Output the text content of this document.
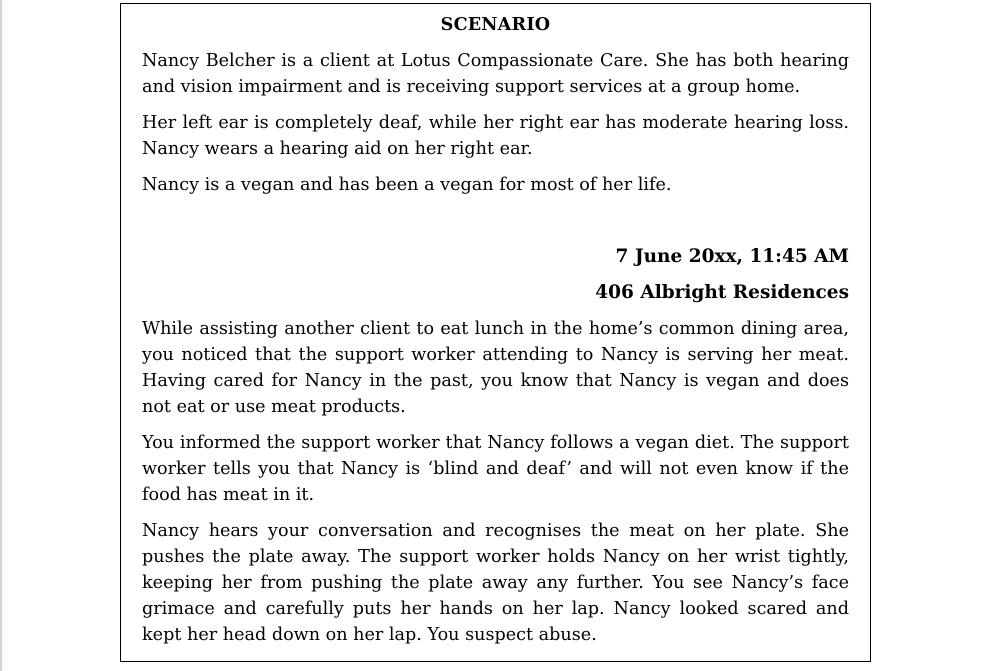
SCENARIO

Nancy Belcher is a client at Lotus Compassionate Care. She has both hearing and vision impairment and is receiving support services at a group home.

Her left ear is completely deaf, while her right ear has moderate hearing loss. Nancy wears a hearing aid on her right ear.

Nancy is a vegan and has been a vegan for most of her life.

7 June 20xx, 11:45 AM
406 Albright Residences

While assisting another client to eat lunch in the home’s common dining area, you noticed that the support worker attending to Nancy is serving her meat. Having cared for Nancy in the past, you know that Nancy is vegan and does not eat or use meat products.

You informed the support worker that Nancy follows a vegan diet. The support worker tells you that Nancy is ‘blind and deaf’ and will not even know if the food has meat in it.

Nancy hears your conversation and recognises the meat on her plate. She pushes the plate away. The support worker holds Nancy on her wrist tightly, keeping her from pushing the plate away any further. You see Nancy’s face grimace and carefully puts her hands on her lap. Nancy looked scared and kept her head down on her lap. You suspect abuse.
